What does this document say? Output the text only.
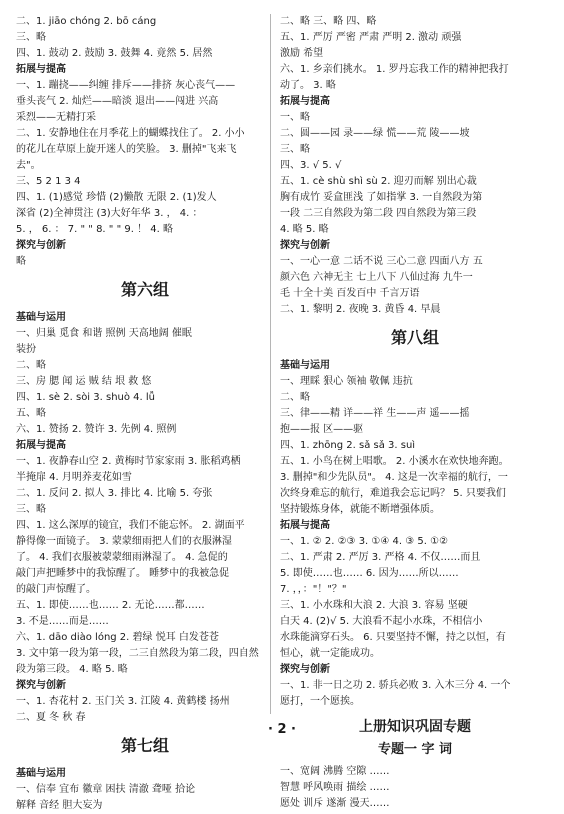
二、1. jiāo chóng 2. bō cáng
三、略
四、1. 鼓动 2. 鼓励 3. 鼓舞 4. 竟然 5. 居然
拓展与提高
一、1. 蹦挠——纠缠 排斥——排挤 灰心丧气——
垂头丧气 2. 灿烂——暗淡 退出——闯进 兴高
采烈——无精打采
二、1. 安静地住在月季花上的蝴蝶找住了。 2. 小小
的花儿在草原上旋开迷人的笑脸。 3. 删掉"飞来飞
去"。
三、5 2 1 3 4
四、1. (1)感觉 珍惜 (2)懒散 无限 2. (1)发人
深省 (2)全神贯注 (3)大好年华 3. ， 4. ：
5. ， 6. ： 7. " " 8. " " 9. ！ 4. 略
探究与创新
略
第六组
基础与运用
一、归巢 觅食 和谐 照例 天高地阔 催眠
装扮
二、略
三、房 腮 闻 运 贼 结 垠 救 悠
四、1. sè 2. sòi 3. shuò 4. lǚ
五、略
六、1. 赞扬 2. 赞许 3. 先例 4. 照例
拓展与提高
一、1. 夜静春山空 2. 黄梅时节家家雨 3. 胀稻鸡栖
半掩扉 4. 月明养麦花如雪
二、1. 反问 2. 拟人 3. 排比 4. 比喻 5. 夸张
三、略
四、1. 这么深厚的镜宜，我们不能忘怀。 2. 湖面平
静得像一面镜子。 3. 蒙蒙细雨把人们的衣服淋湿
了。 4. 我们衣服被蒙蒙细雨淋湿了。 4. 急促的
敲门声把睡梦中的我惊醒了。 睡梦中的我被急促
的敲门声惊醒了。
五、1. 即使……也…… 2. 无论……都……
3. 不是……而是……
六、1. dāo diào lóng 2. 碧绿 悦耳 白发苍苍
3. 文中第一段为第一段，二三自然段为第二段，四自然
段为第三段。 4. 略 5. 略
探究与创新
一、1. 杏花村 2. 玉门关 3. 江陵 4. 黄鹤楼 扬州
二、夏 冬 秋 春
第七组
基础与运用
一、信奉 宜布 徽章 困扶 清澈 聋哑 拾论
解释 音经 胆大妄为
二、略 三、略 四、略
五、1. 严厉 严密 严肃 严明 2. 激动 顽强
激励 希望
六、1. 乡亲们挑水。 1. 罗丹忘我工作的精神把我打
动了。 3. 略
拓展与提高
一、略
二、圆——园 录——绿 慌——荒 陵——坡
三、略
四、3. √ 5. √
五、1. cè shù shì sù 2. 迎刃而解 别出心裁
胸有成竹 妥盒匪浅 了如指掌 3. 一自然段为第
一段 二三自然段为第二段 四自然段为第三段
4. 略 5. 略
探究与创新
一、一心一意 二话不说 三心二意 四面八方 五
颜六色 六神无主 七上八下 八仙过海 九牛一
毛 十全十美 百发百中 千言万语
二、1. 黎明 2. 夜晚 3. 黄昏 4. 早晨
第八组
基础与运用
一、理睬 狠心 领袖 敬佩 违抗
二、略
三、律——精 详——祥 生——声 遥——摇
抱——报 区——驱
四、1. zhōng 2. sǎ sǎ 3. suì
五、1. 小鸟在树上唱歌。 2. 小溪水在欢快地奔跑。
3. 删掉"和少先队员"。 4. 这是一次幸福的航行，一
次终身难忘的航行，难道我会忘记吗？ 5. 只要我们
坚持锻炼身体，就能不断增强体质。
拓展与提高
一、1. ② 2. ②③ 3. ①④ 4. ③ 5. ①②
二、1. 严肃 2. 严厉 3. 严格 4. 不仅……而且
5. 即使……也…… 6. 因为……所以……
7. ，，："！"？"
三、1. 小水珠和大浪 2. 大浪 3. 容易 坚硬
白天 4. (2)√ 5. 大浪看不起小水珠，不相信小
水珠能滴穿石头。 6. 只要坚持不懈，持之以恒，有
恒心，就一定能成功。
探究与创新
一、1. 非一日之功 2. 骄兵必败 3. 入木三分 4. 一个
愿打，一个愿挨。
上册知识巩固专题
专题一 字 词
一、宽阔 沸腾 空隙 ……
智慧 呼风唤雨 描绘 ……
愿处 训斥 遂渐 漫天……
· 2 ·
